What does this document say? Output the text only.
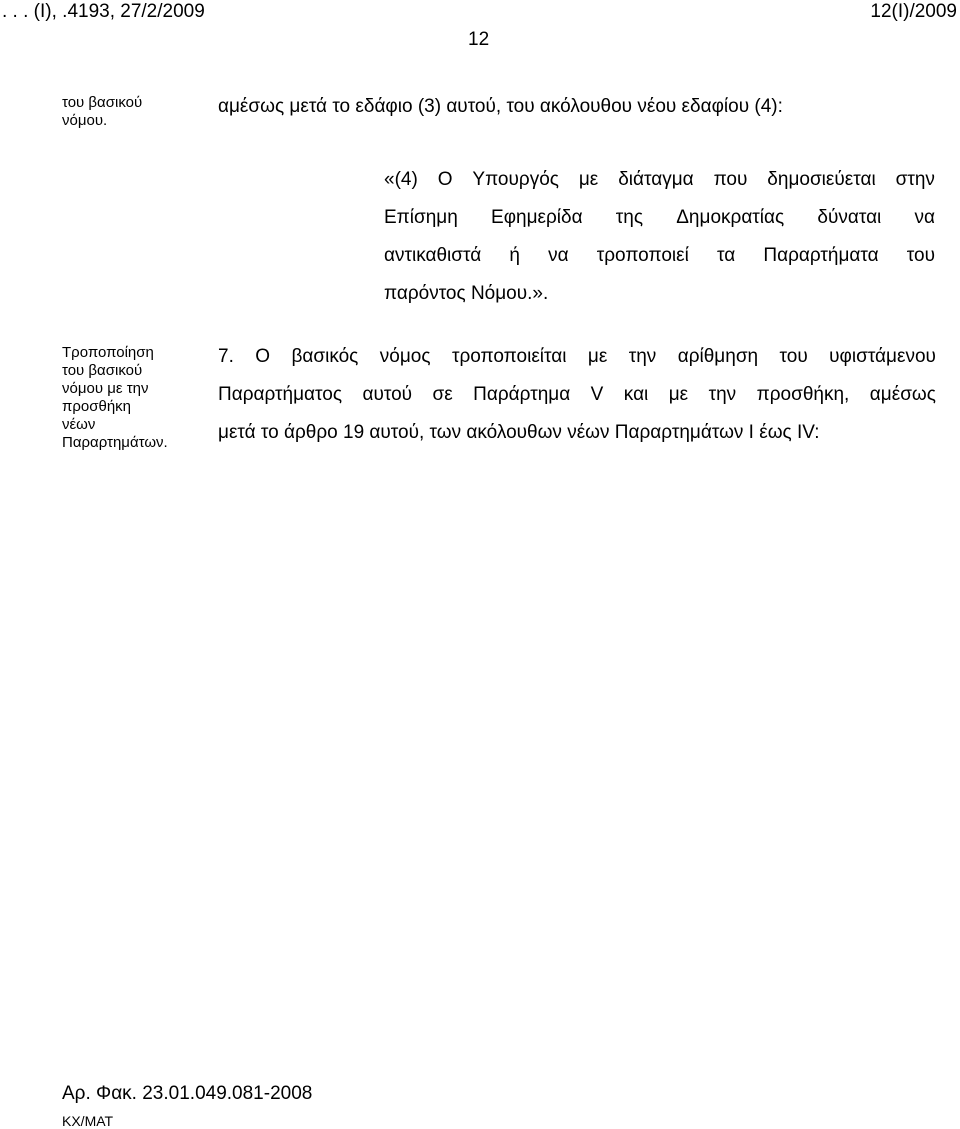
. . . (Ι), .4193, 27/2/2009	12(Ι)/2009
12
του βασικού
νόμου.
αμέσως μετά το εδάφιο (3) αυτού, του ακόλουθου νέου εδαφίου (4):
«(4) Ο Υπουργός με διάταγμα που δημοσιεύεται στην
Επίσημη Εφημερίδα της Δημοκρατίας δύναται να
αντικαθιστά ή να τροποποιεί τα Παραρτήματα του
παρόντος Νόμου.».
Τροποποίηση
του βασικού
νόμου με την
προσθήκη
νέων
Παραρτημάτων.
7. Ο βασικός νόμος τροποποιείται με την αρίθμηση του υφιστάμενου
Παραρτήματος αυτού σε Παράρτημα V και με την προσθήκη, αμέσως
μετά το άρθρο 19 αυτού, των ακόλουθων νέων Παραρτημάτων I έως IV:
Αρ. Φακ. 23.01.049.081-2008
ΚΧ/ΜΑΤ
